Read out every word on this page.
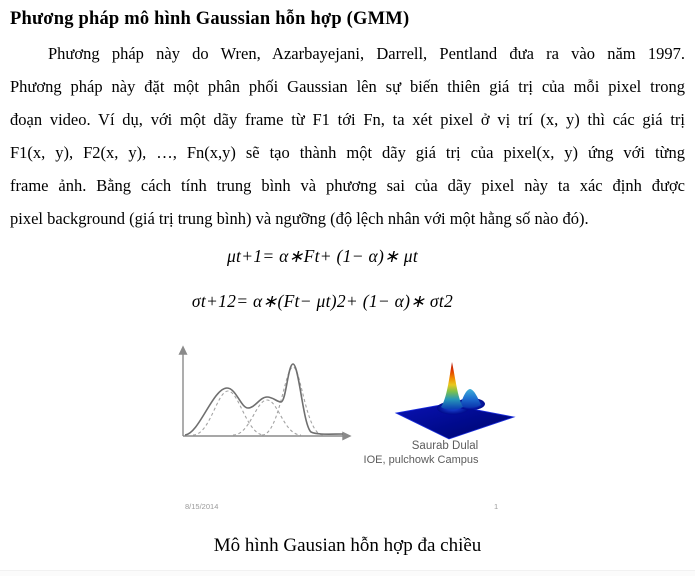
Phương pháp mô hình Gaussian hỗn hợp (GMM)
Phương pháp này do Wren, Azarbayejani, Darrell, Pentland đưa ra vào năm 1997.
Phương pháp này đặt một phân phối Gaussian lên sự biến thiên giá trị của mỗi pixel trong
đoạn video. Ví dụ, với một dãy frame từ F1 tới Fn, ta xét pixel ở vị trí (x, y) thì các giá trị
F1(x, y), F2(x, y), …, Fn(x,y) sẽ tạo thành một dãy giá trị của pixel(x, y) ứng với từng
frame ảnh. Bằng cách tính trung bình và phương sai của dãy pixel này ta xác định được
pixel background (giá trị trung bình) và ngưỡng (độ lệch nhân với một hằng số nào đó).
μt+1= α∗Ft+ (1− α)∗ μt
σt+12= α∗(Ft− μt)2+ (1− α)∗ σt2
Saurab Dulal
IOE, pulchowk Campus
8/15/2014	1
Mô hình Gausian hỗn hợp đa chiều
